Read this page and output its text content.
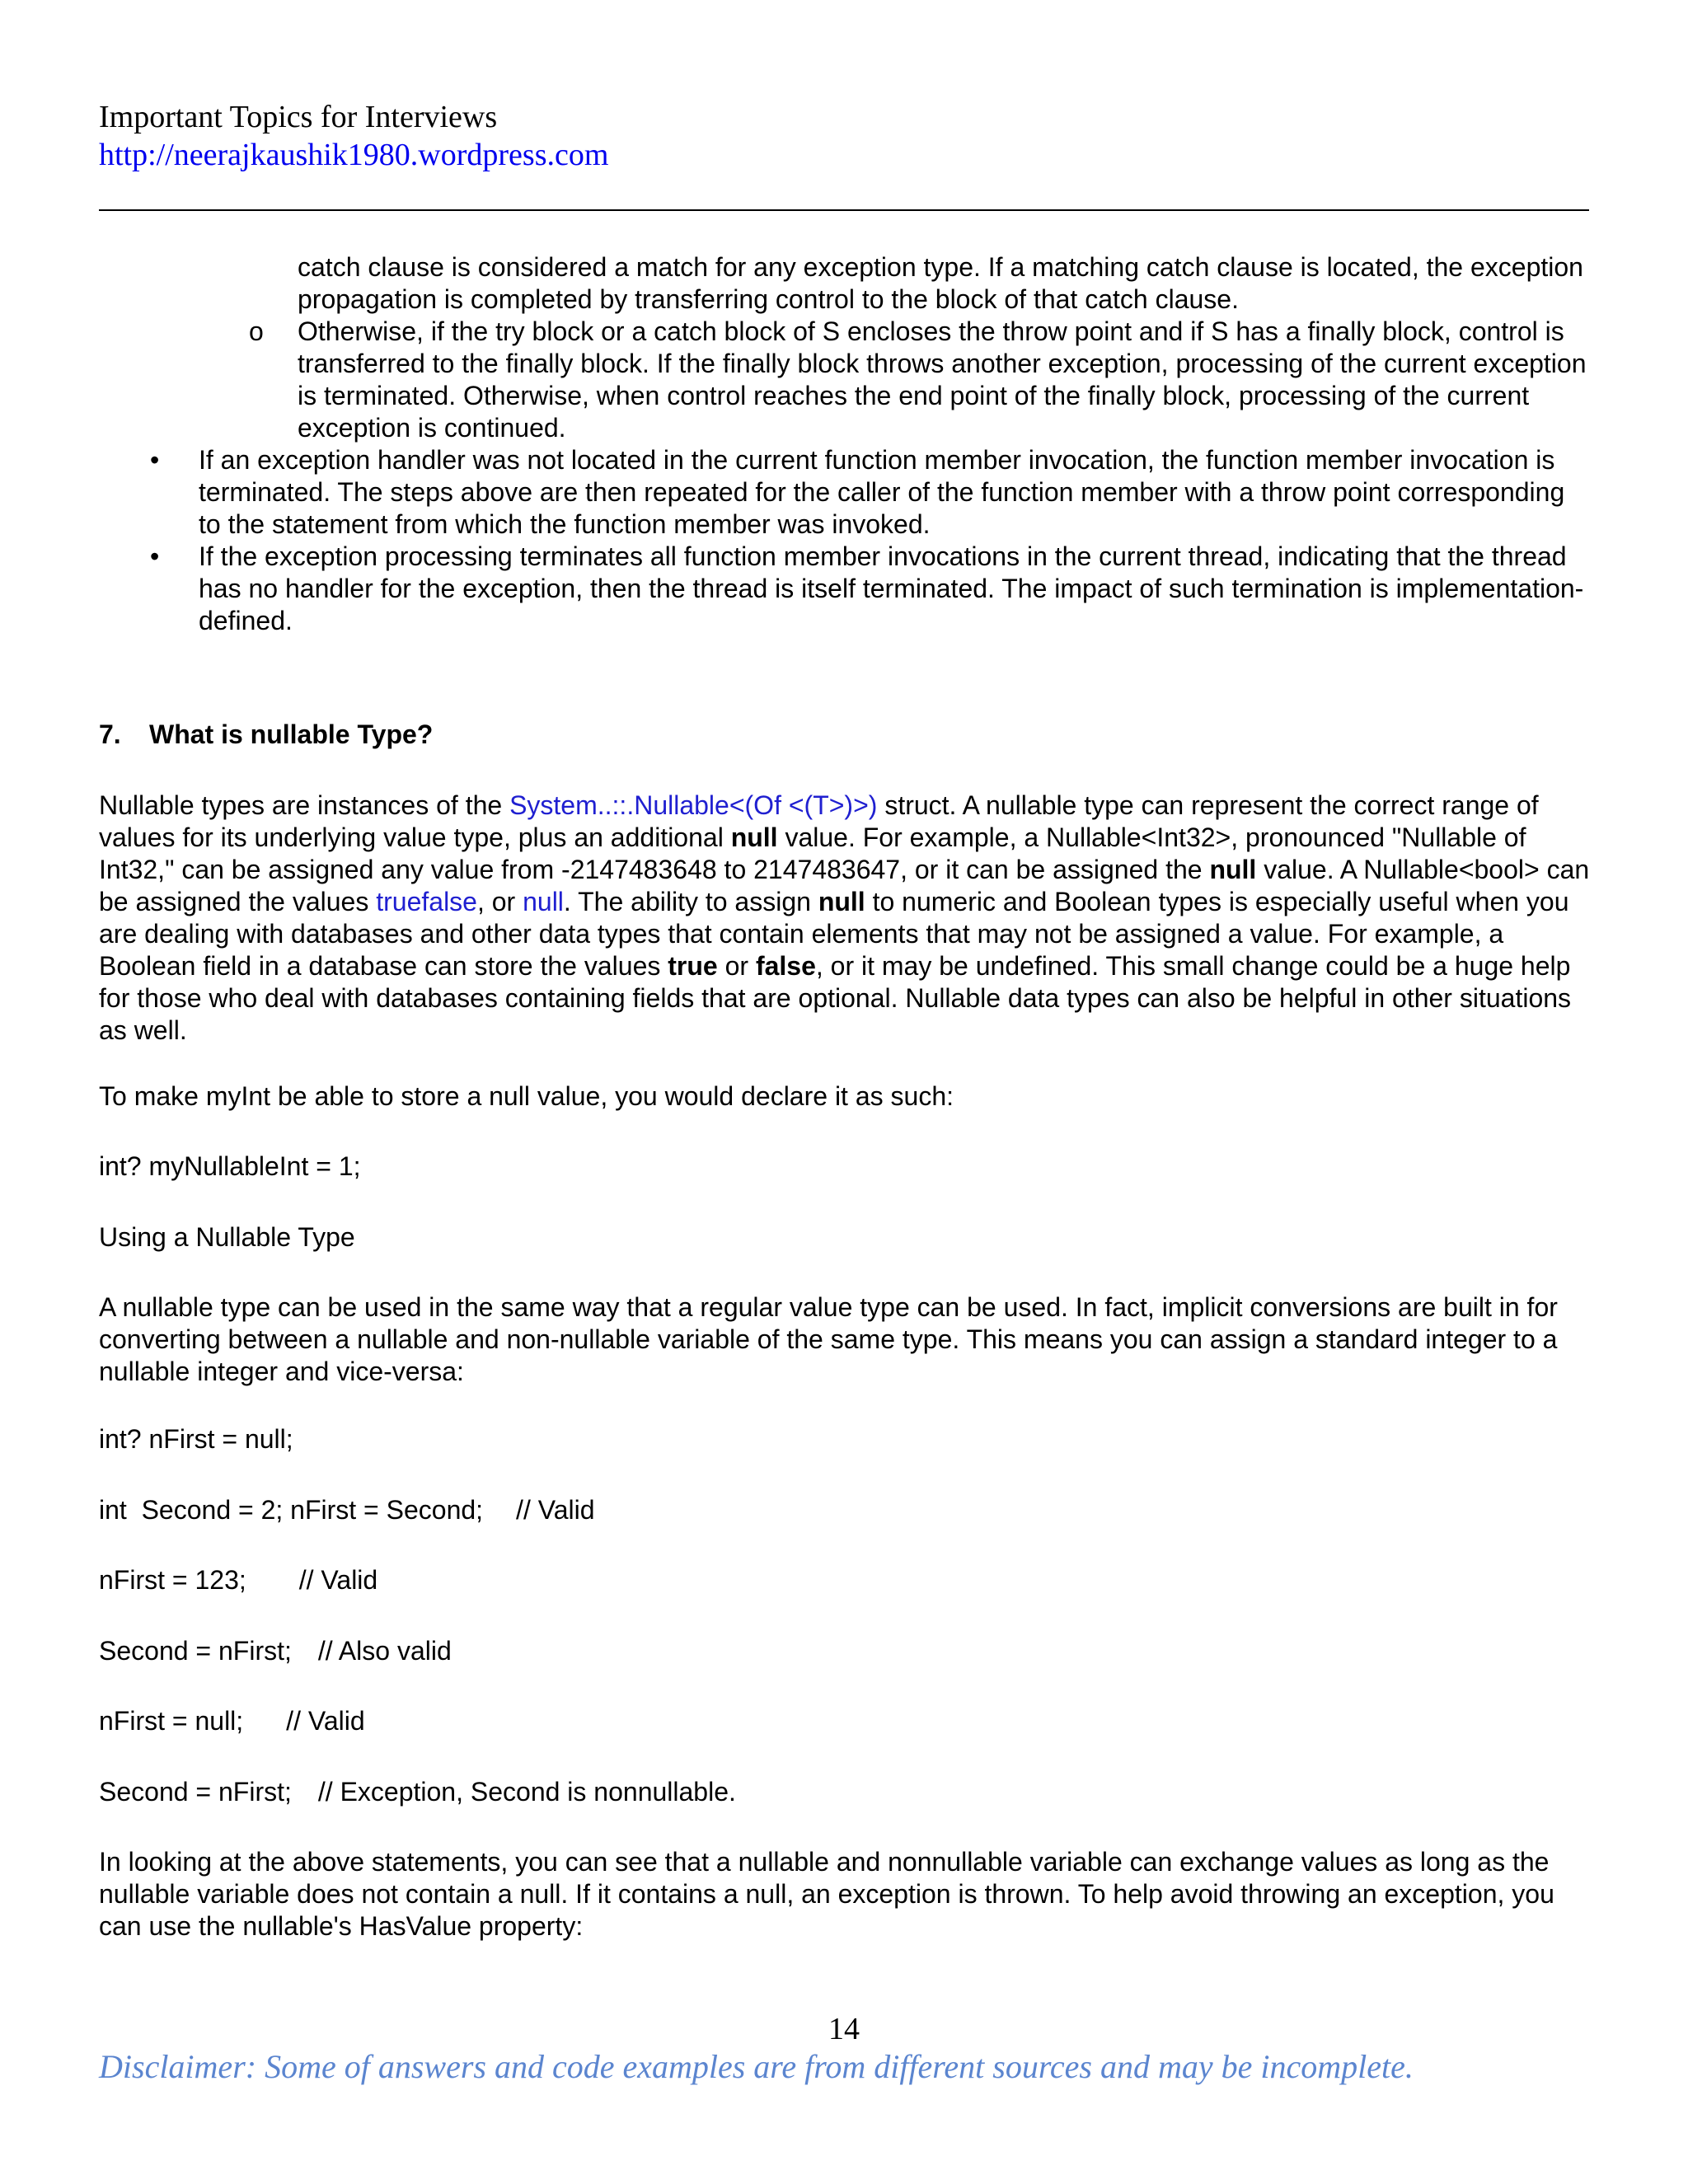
Important Topics for Interviews
http://neerajkaushik1980.wordpress.com
catch clause is considered a match for any exception type. If a matching catch clause is located, the exception propagation is completed by transferring control to the block of that catch clause.
o Otherwise, if the try block or a catch block of S encloses the throw point and if S has a finally block, control is transferred to the finally block. If the finally block throws another exception, processing of the current exception is terminated. Otherwise, when control reaches the end point of the finally block, processing of the current exception is continued.
• If an exception handler was not located in the current function member invocation, the function member invocation is terminated. The steps above are then repeated for the caller of the function member with a throw point corresponding to the statement from which the function member was invoked.
• If the exception processing terminates all function member invocations in the current thread, indicating that the thread has no handler for the exception, then the thread is itself terminated. The impact of such termination is implementation-defined.
7. What is nullable Type?
Nullable types are instances of the System..::.Nullable<(Of <(T>)>) struct. A nullable type can represent the correct range of values for its underlying value type, plus an additional null value. For example, a Nullable<Int32>, pronounced "Nullable of Int32," can be assigned any value from -2147483648 to 2147483647, or it can be assigned the null value. A Nullable<bool> can be assigned the values truefalse, or null. The ability to assign null to numeric and Boolean types is especially useful when you are dealing with databases and other data types that contain elements that may not be assigned a value. For example, a Boolean field in a database can store the values true or false, or it may be undefined. This small change could be a huge help for those who deal with databases containing fields that are optional. Nullable data types can also be helpful in other situations as well.
To make myInt be able to store a null value, you would declare it as such:
int? myNullableInt = 1;
Using a Nullable Type
A nullable type can be used in the same way that a regular value type can be used. In fact, implicit conversions are built in for converting between a nullable and non-nullable variable of the same type. This means you can assign a standard integer to a nullable integer and vice-versa:
int? nFirst = null;
int  Second = 2; nFirst = Second; // Valid
nFirst = 123; // Valid
Second = nFirst; // Also valid
nFirst = null; // Valid
Second = nFirst; // Exception, Second is nonnullable.
In looking at the above statements, you can see that a nullable and nonnullable variable can exchange values as long as the nullable variable does not contain a null. If it contains a null, an exception is thrown. To help avoid throwing an exception, you can use the nullable's HasValue property:
14
Disclaimer: Some of answers and code examples are from different sources and may be incomplete.
